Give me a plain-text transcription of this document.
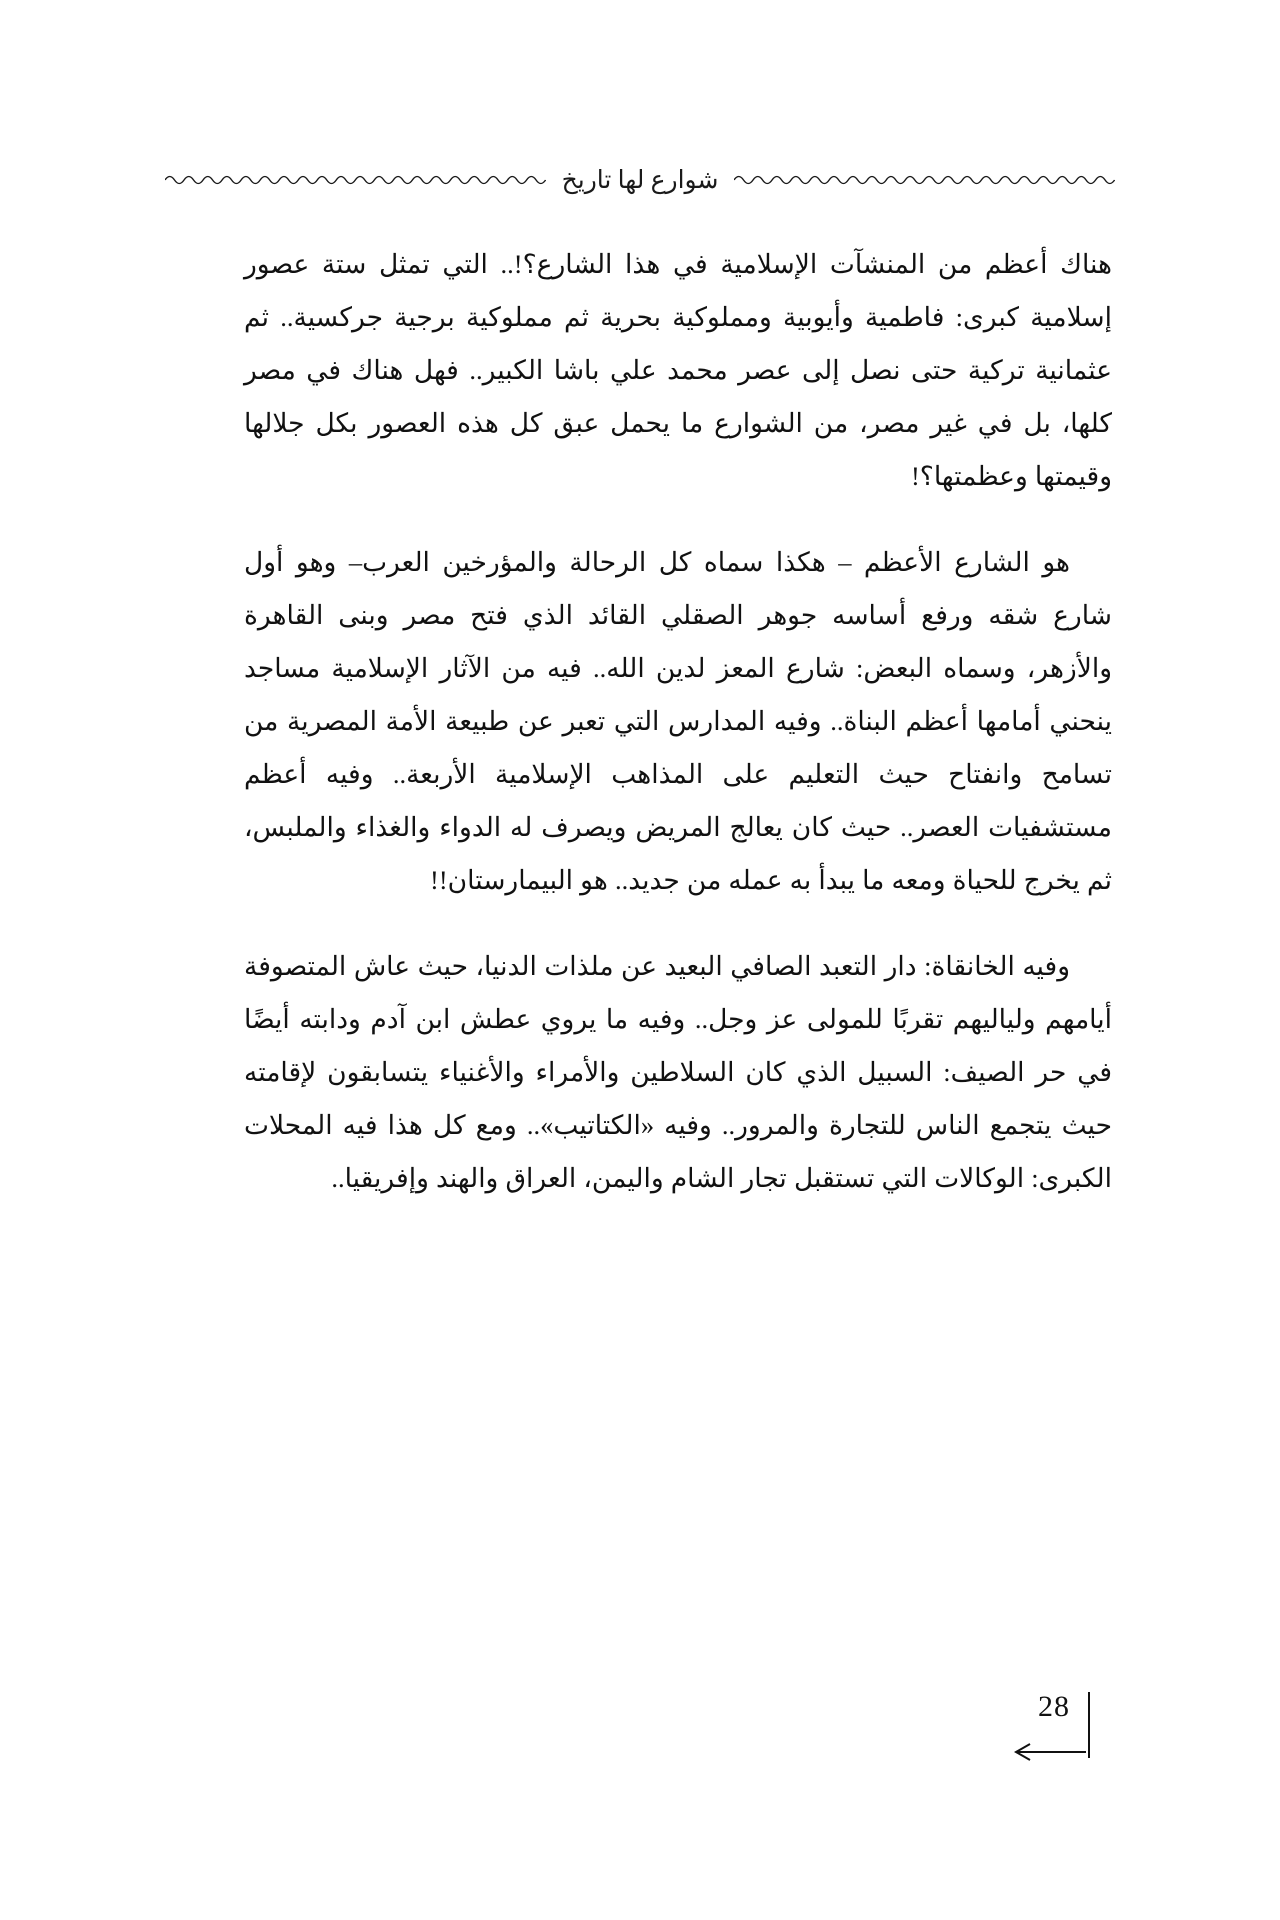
شوارع لها تاريخ

هناك أعظم من المنشآت الإسلامية في هذا الشارع؟!.. التي تمثل ستة عصور إسلامية كبرى: فاطمية وأيوبية ومملوكية بحرية ثم مملوكية برجية جركسية.. ثم عثمانية تركية حتى نصل إلى عصر محمد علي باشا الكبير.. فهل هناك في مصر كلها، بل في غير مصر، من الشوارع ما يحمل عبق كل هذه العصور بكل جلالها وقيمتها وعظمتها؟!

هو الشارع الأعظم – هكذا سماه كل الرحالة والمؤرخين العرب– وهو أول شارع شقه ورفع أساسه جوهر الصقلي القائد الذي فتح مصر وبنى القاهرة والأزهر، وسماه البعض: شارع المعز لدين الله.. فيه من الآثار الإسلامية مساجد ينحني أمامها أعظم البناة.. وفيه المدارس التي تعبر عن طبيعة الأمة المصرية من تسامح وانفتاح حيث التعليم على المذاهب الإسلامية الأربعة.. وفيه أعظم مستشفيات العصر.. حيث كان يعالج المريض ويصرف له الدواء والغذاء والملبس، ثم يخرج للحياة ومعه ما يبدأ به عمله من جديد.. هو البيمارستان!!

وفيه الخانقاة: دار التعبد الصافي البعيد عن ملذات الدنيا، حيث عاش المتصوفة أيامهم ولياليهم تقربًا للمولى عز وجل.. وفيه ما يروي عطش ابن آدم ودابته أيضًا في حر الصيف: السبيل الذي كان السلاطين والأمراء والأغنياء يتسابقون لإقامته حيث يتجمع الناس للتجارة والمرور.. وفيه «الكتاتيب».. ومع كل هذا فيه المحلات الكبرى: الوكالات التي تستقبل تجار الشام واليمن، العراق والهند وإفريقيا..

28
